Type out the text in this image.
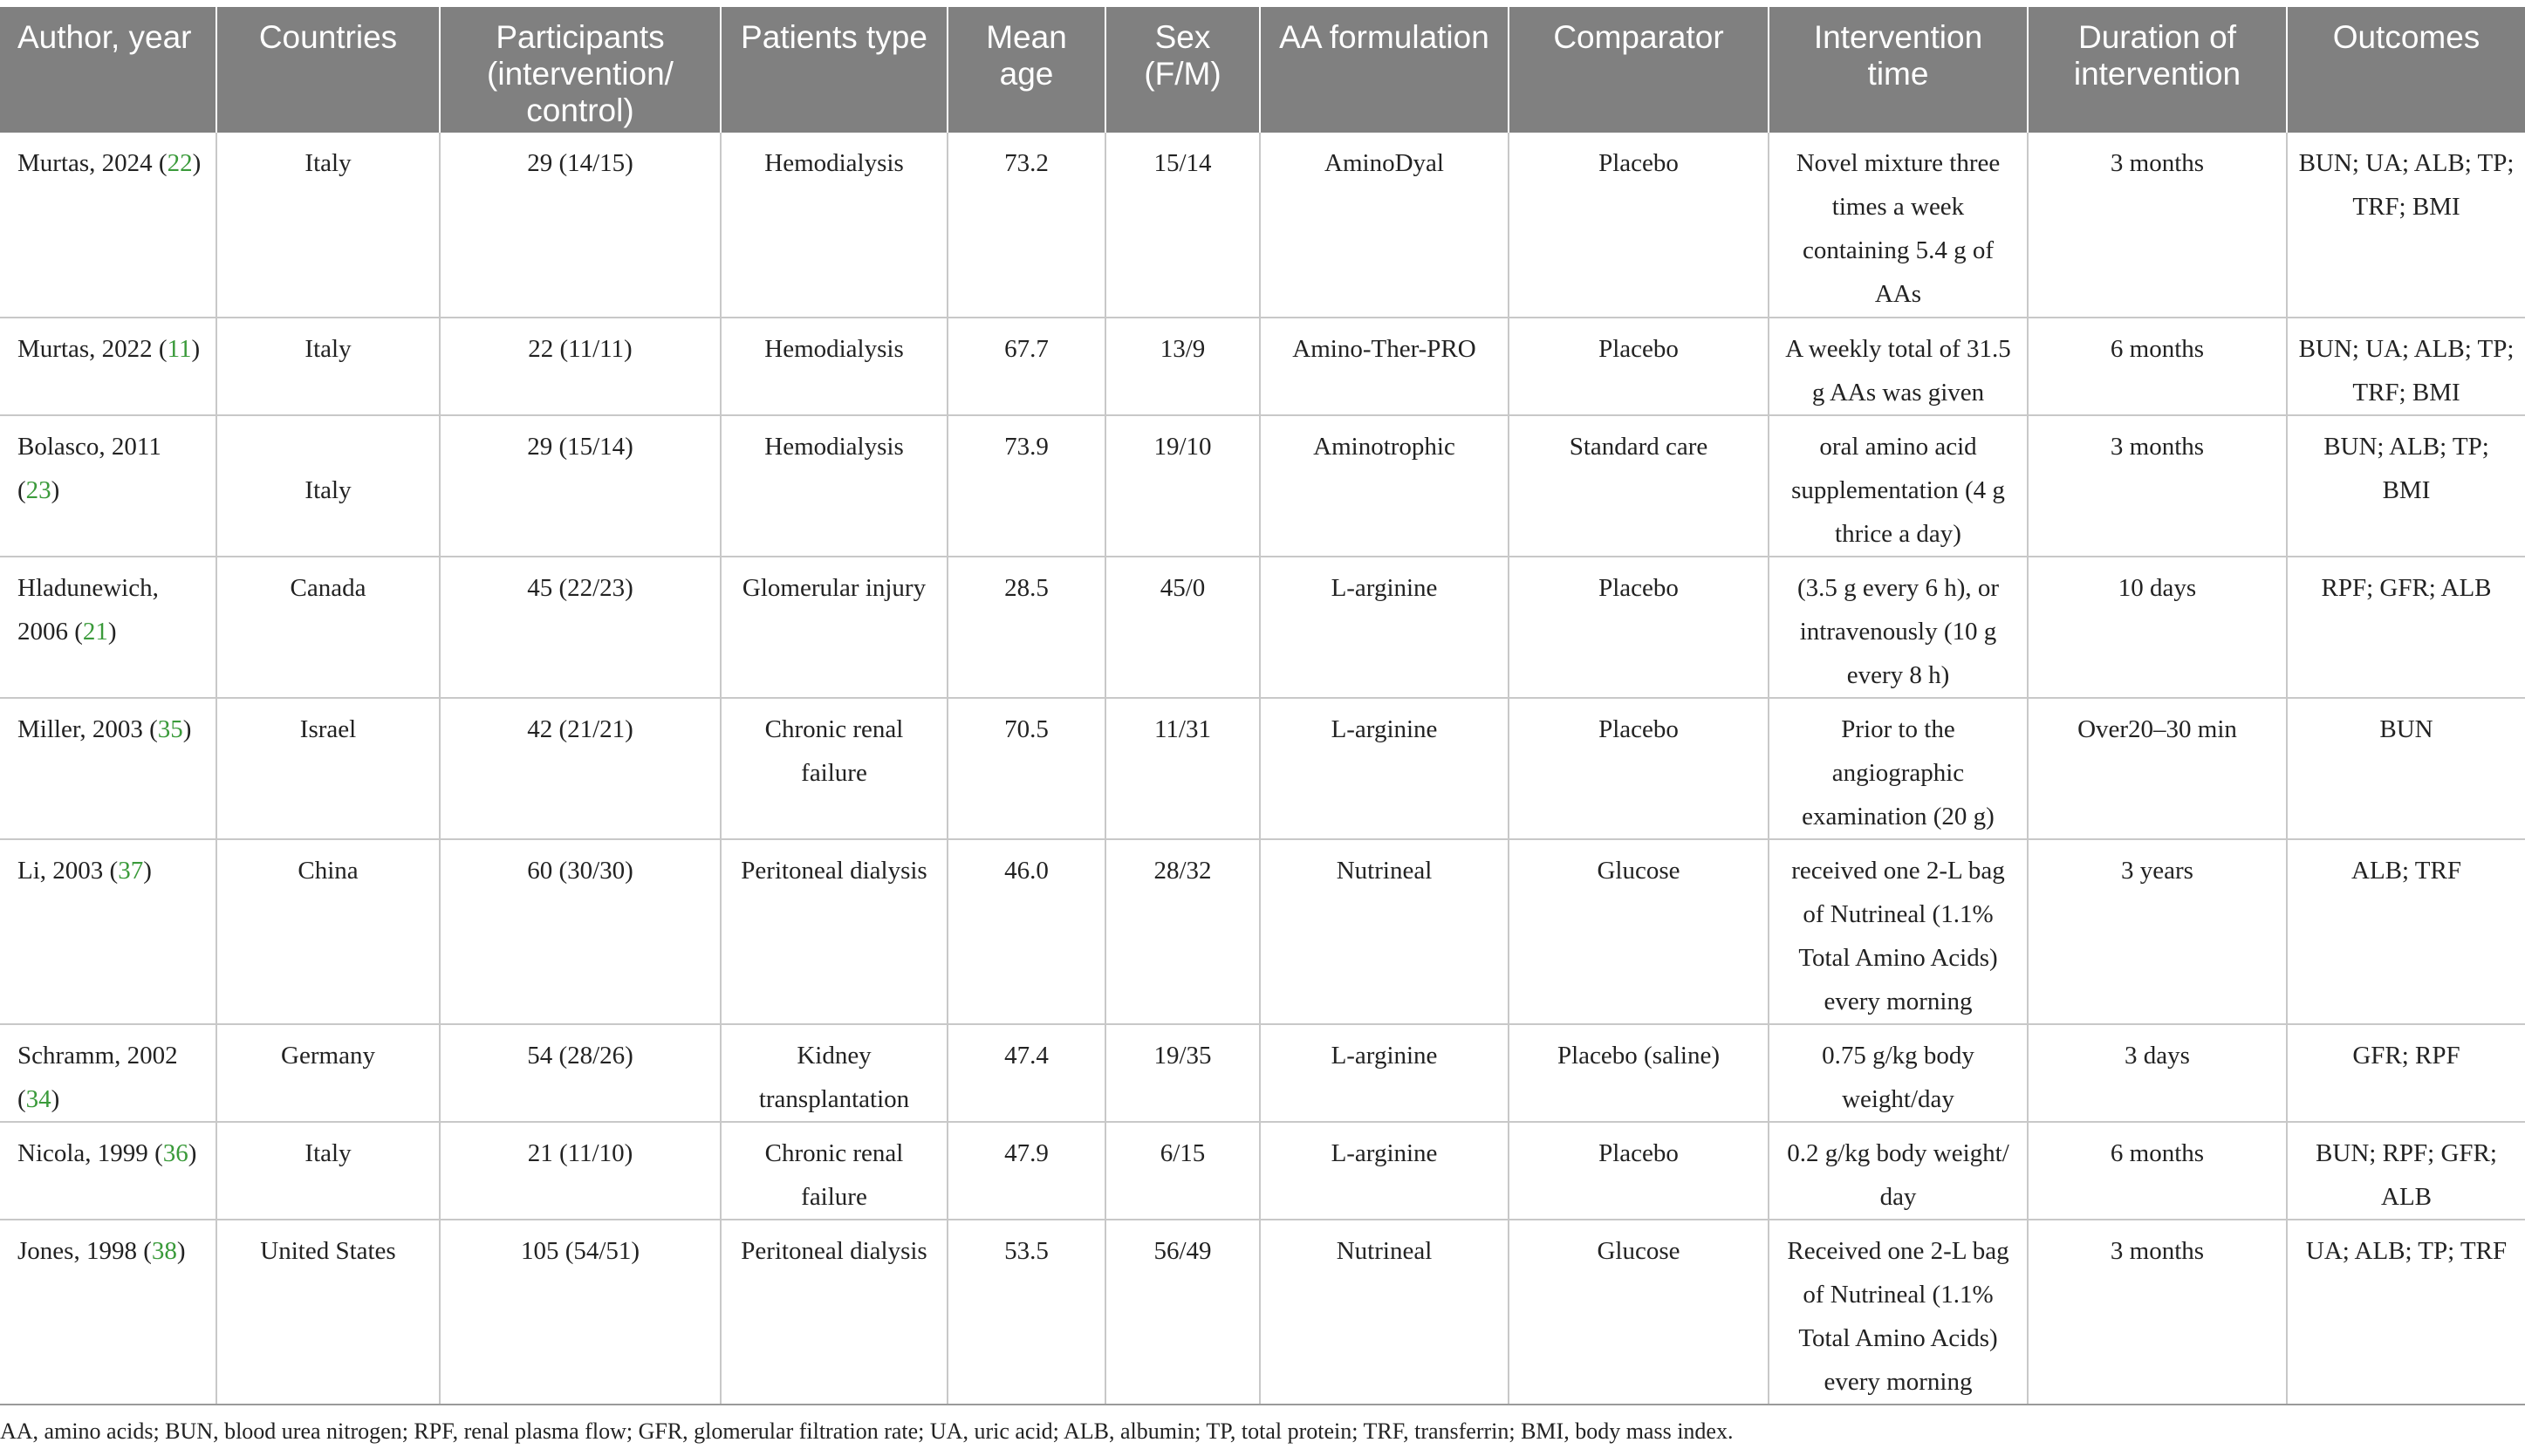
Author, year	Countries	Participants (intervention/ control)	Patients type	Mean age	Sex (F/M)	AA formulation	Comparator	Intervention time	Duration of intervention	Outcomes
Murtas, 2024 (22)	Italy	29 (14/15)	Hemodialysis	73.2	15/14	AminoDyal	Placebo	Novel mixture three times a week containing 5.4 g of AAs	3 months	BUN; UA; ALB; TP; TRF; BMI
Murtas, 2022 (11)	Italy	22 (11/11)	Hemodialysis	67.7	13/9	Amino-Ther-PRO	Placebo	A weekly total of 31.5 g AAs was given	6 months	BUN; UA; ALB; TP; TRF; BMI
Bolasco, 2011 (23)	Italy	29 (15/14)	Hemodialysis	73.9	19/10	Aminotrophic	Standard care	oral amino acid supplementation (4 g thrice a day)	3 months	BUN; ALB; TP; BMI
Hladunewich, 2006 (21)	Canada	45 (22/23)	Glomerular injury	28.5	45/0	L-arginine	Placebo	(3.5 g every 6 h), or intravenously (10 g every 8 h)	10 days	RPF; GFR; ALB
Miller, 2003 (35)	Israel	42 (21/21)	Chronic renal failure	70.5	11/31	L-arginine	Placebo	Prior to the angiographic examination (20 g)	Over20–30 min	BUN
Li, 2003 (37)	China	60 (30/30)	Peritoneal dialysis	46.0	28/32	Nutrineal	Glucose	received one 2-L bag of Nutrineal (1.1% Total Amino Acids) every morning	3 years	ALB; TRF
Schramm, 2002 (34)	Germany	54 (28/26)	Kidney transplantation	47.4	19/35	L-arginine	Placebo (saline)	0.75 g/kg body weight/day	3 days	GFR; RPF
Nicola, 1999 (36)	Italy	21 (11/10)	Chronic renal failure	47.9	6/15	L-arginine	Placebo	0.2 g/kg body weight/ day	6 months	BUN; RPF; GFR; ALB
Jones, 1998 (38)	United States	105 (54/51)	Peritoneal dialysis	53.5	56/49	Nutrineal	Glucose	Received one 2-L bag of Nutrineal (1.1% Total Amino Acids) every morning	3 months	UA; ALB; TP; TRF
AA, amino acids; BUN, blood urea nitrogen; RPF, renal plasma flow; GFR, glomerular filtration rate; UA, uric acid; ALB, albumin; TP, total protein; TRF, transferrin; BMI, body mass index.
